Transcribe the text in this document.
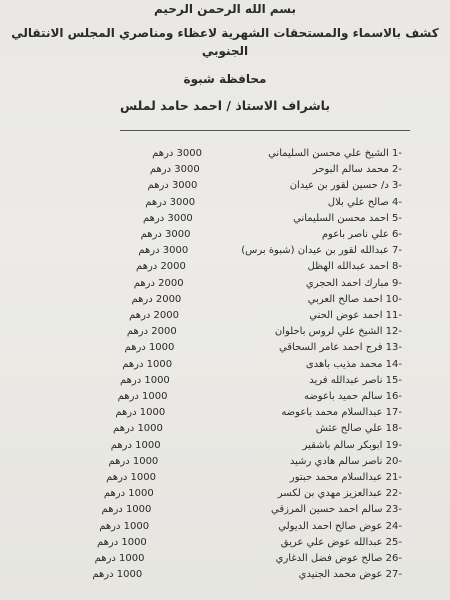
بسم الله الرحمن الرحيم
كشف بالاسماء والمستحقات الشهرية لاعظاء ومناصري المجلس الانتقالي الجنوبي
محافظة شبوة
باشراف الاستاذ / احمد حامد لملس
-1 الشيخ علي محسن السليماني
3000 درهم
-2 محمد سالم البوحر
3000 درهم
-3 د/ حسين لقور بن عيدان
3000 درهم
-4 صالح علي بلال
3000 درهم
-5 احمد محسن السليماني
3000 درهم
-6 علي ناصر باعوم
3000 درهم
-7 عبدالله لقور بن عيدان (شبوة برس)
3000 درهم
-8 احمد عبدالله الهظل
2000 درهم
-9 مبارك احمد الحجري
2000 درهم
-10 احمد صالح العربي
2000 درهم
-11 احمد عوض الحني
2000 درهم
-12 الشيخ علي لروس باحلوان
2000 درهم
-13 فرج احمد عامر السحاقي
1000 درهم
-14 محمد مذيب باهدى
1000 درهم
-15 ناصر عبدالله فريد
1000 درهم
-16 سالم حميد باعوضه
1000 درهم
-17 عبدالسلام محمد باعوضه
1000 درهم
-18 علي صالح عثش
1000 درهم
-19 ابوبكر سالم باشقير
1000 درهم
-20 ناصر سالم هادي رشيد
1000 درهم
-21 عبدالسلام محمد حبتور
1000 درهم
-22 عبدالعزيز مهدي بن لكسر
1000 درهم
-23 سالم احمد حسين المرزقي
1000 درهم
-24 عوض صالح احمد الديولي
1000 درهم
-25 عبدالله عوض علي عريق
1000 درهم
-26 صالح عوض فضل الدغاري
1000 درهم
-27 عوض محمد الجنيدي
1000 درهم
